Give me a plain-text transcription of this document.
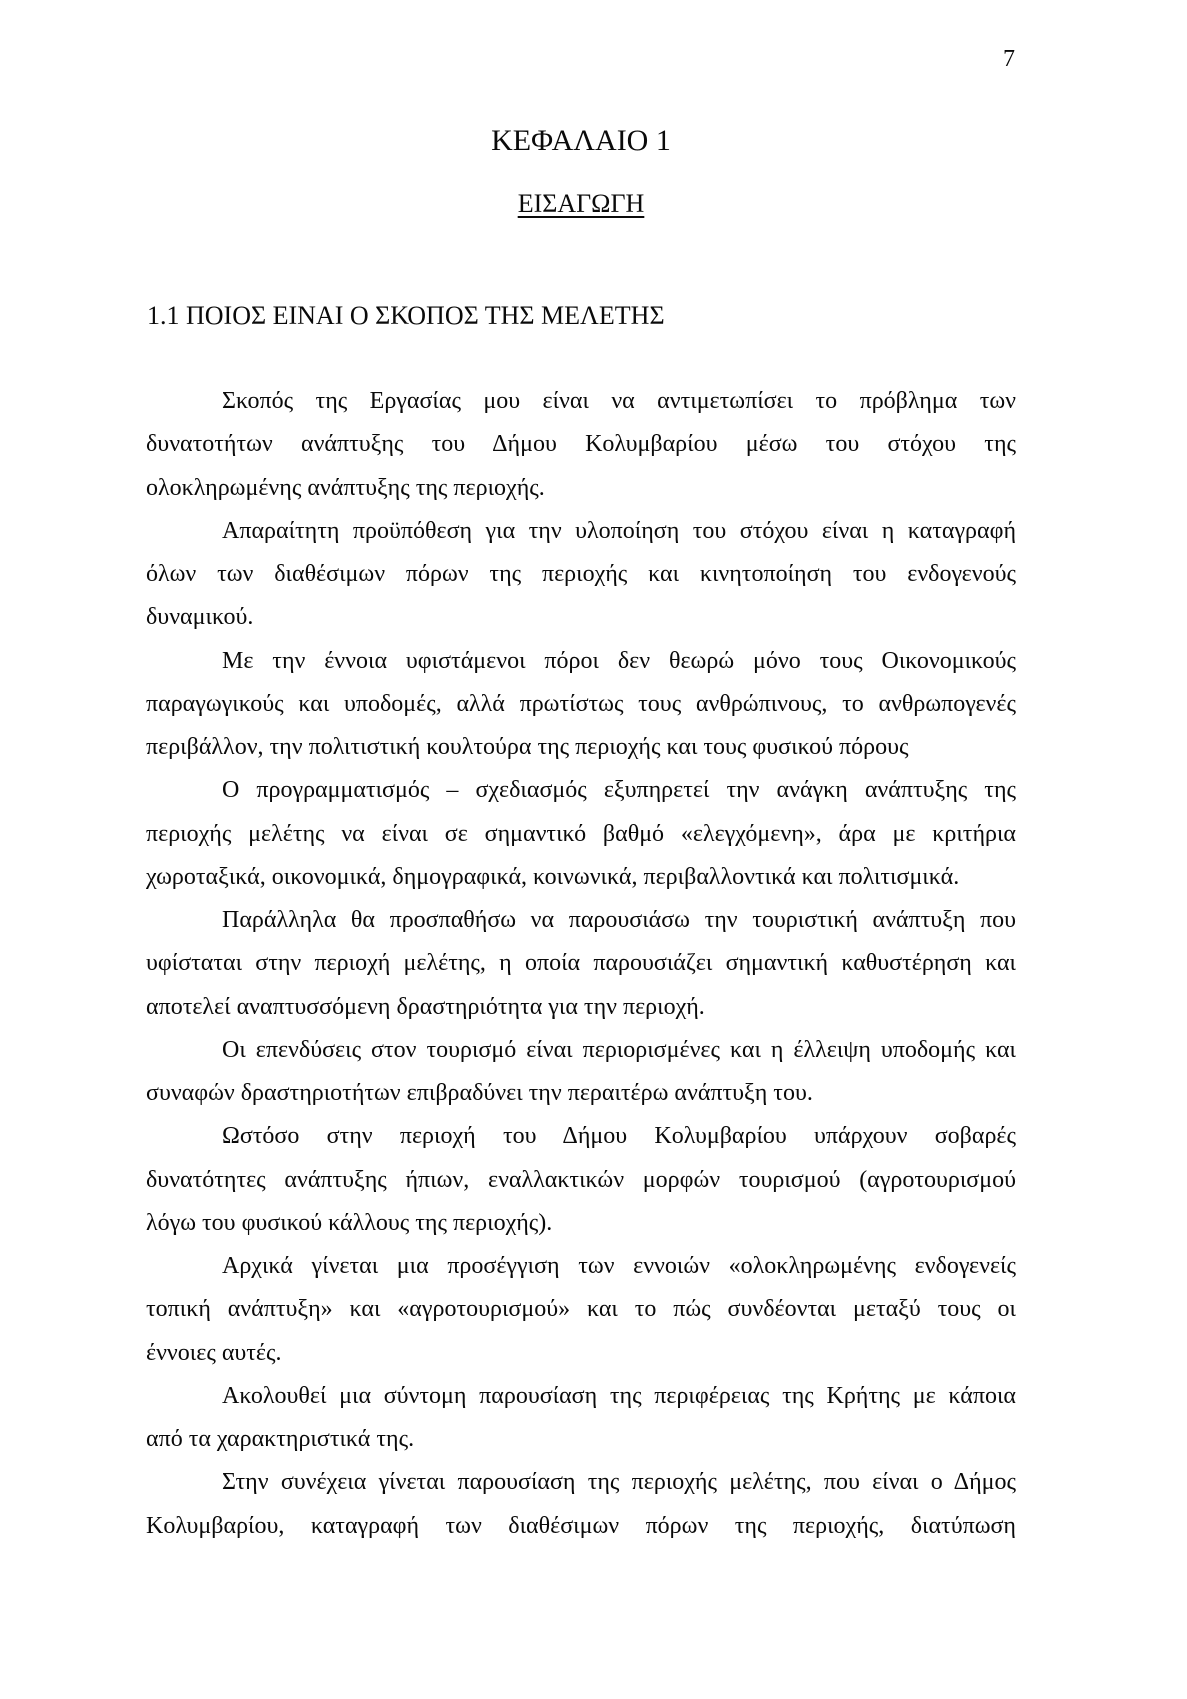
7
ΚΕΦΑΛΑΙΟ 1
ΕΙΣΑΓΩΓΗ
1.1 ΠΟΙΟΣ ΕΙΝΑΙ Ο ΣΚΟΠΟΣ ΤΗΣ ΜΕΛΕΤΗΣ
Σκοπός της Εργασίας μου είναι να αντιμετωπίσει το πρόβλημα των
δυνατοτήτων ανάπτυξης του Δήμου Κολυμβαρίου μέσω του στόχου της
ολοκληρωμένης ανάπτυξης της περιοχής.
Απαραίτητη προϋπόθεση για την υλοποίηση του στόχου είναι η καταγραφή
όλων των διαθέσιμων πόρων της περιοχής και κινητοποίηση του ενδογενούς
δυναμικού.
Με την έννοια υφιστάμενοι πόροι δεν θεωρώ μόνο τους Οικονομικούς
παραγωγικούς και υποδομές, αλλά πρωτίστως τους ανθρώπινους, το ανθρωπογενές
περιβάλλον, την πολιτιστική κουλτούρα της περιοχής και τους φυσικού πόρους
Ο προγραμματισμός – σχεδιασμός εξυπηρετεί την ανάγκη ανάπτυξης της
περιοχής μελέτης να είναι σε σημαντικό βαθμό «ελεγχόμενη», άρα με κριτήρια
χωροταξικά, οικονομικά, δημογραφικά, κοινωνικά, περιβαλλοντικά και πολιτισμικά.
Παράλληλα θα προσπαθήσω να παρουσιάσω την τουριστική ανάπτυξη που
υφίσταται στην περιοχή μελέτης, η οποία παρουσιάζει σημαντική καθυστέρηση και
αποτελεί αναπτυσσόμενη δραστηριότητα για την περιοχή.
Οι επενδύσεις στον τουρισμό είναι περιορισμένες και η έλλειψη υποδομής και
συναφών δραστηριοτήτων επιβραδύνει την περαιτέρω ανάπτυξη του.
Ωστόσο στην περιοχή του Δήμου Κολυμβαρίου υπάρχουν σοβαρές
δυνατότητες ανάπτυξης ήπιων, εναλλακτικών μορφών τουρισμού (αγροτουρισμού
λόγω του φυσικού κάλλους της περιοχής).
Αρχικά γίνεται μια προσέγγιση των εννοιών «ολοκληρωμένης ενδογενείς
τοπική ανάπτυξη» και «αγροτουρισμού» και το πώς συνδέονται μεταξύ τους οι
έννοιες αυτές.
Ακολουθεί μια σύντομη παρουσίαση της περιφέρειας της Κρήτης με κάποια
από τα χαρακτηριστικά της.
Στην συνέχεια γίνεται παρουσίαση της περιοχής μελέτης, που είναι ο Δήμος
Κολυμβαρίου, καταγραφή των διαθέσιμων πόρων της περιοχής, διατύπωση
